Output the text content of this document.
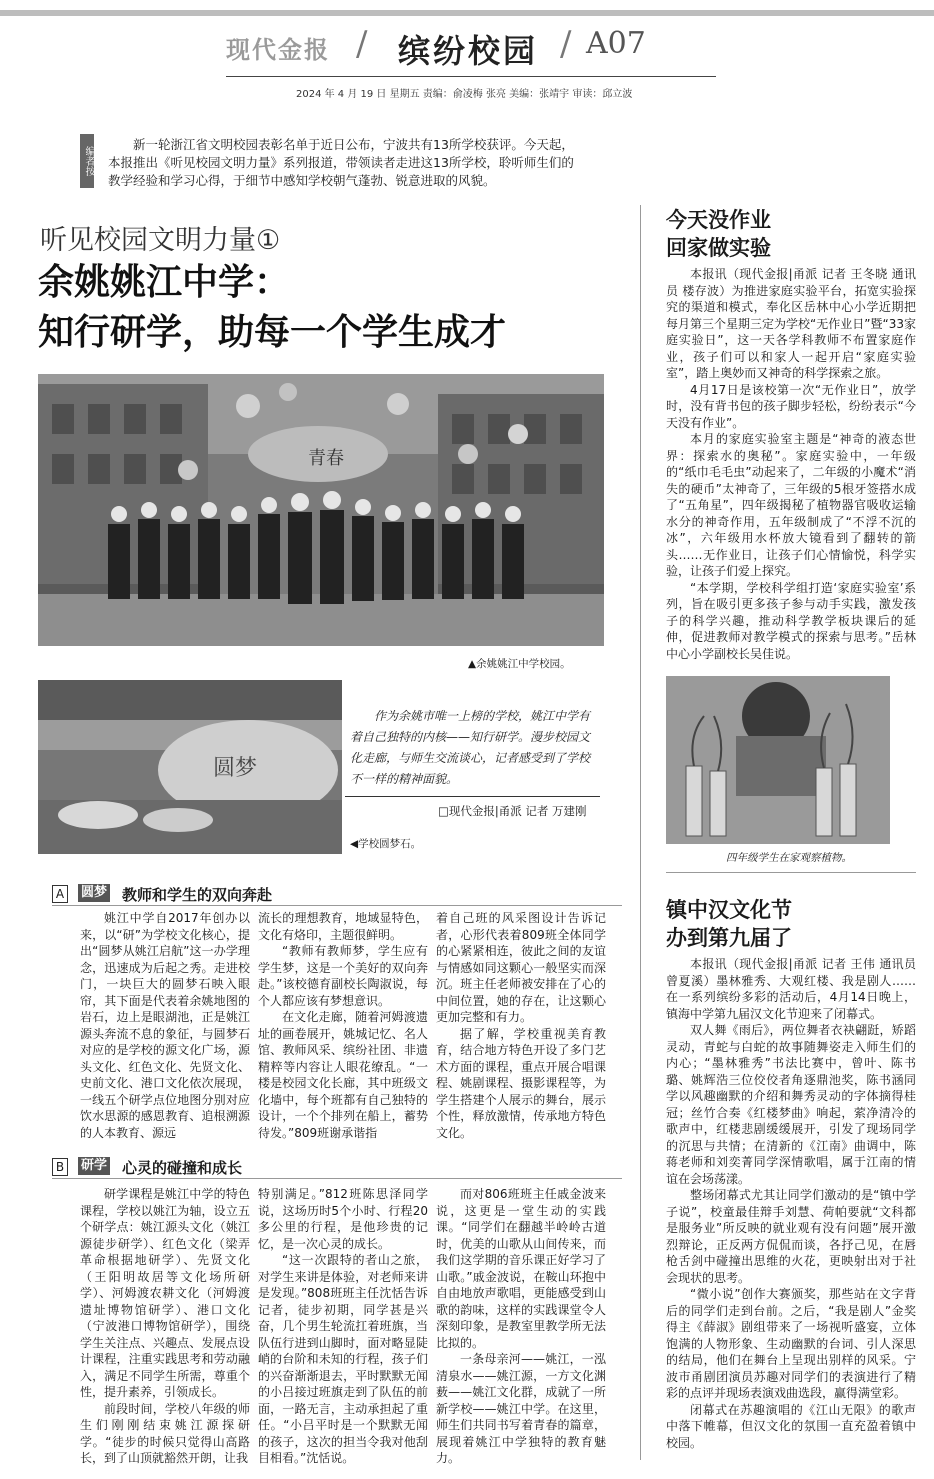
现代金报 / 缤纷校园 / A07
2024 年 4 月 19 日 星期五 责编：俞凌梅 张亮 美编：张靖宇 审读：邱立波
编者按
新一轮浙江省文明校园表彰名单于近日公布，宁波共有13所学校获评。今天起，本报推出《听见校园文明力量》系列报道，带领读者走进这13所学校，聆听师生们的教学经验和学习心得，于细节中感知学校朝气蓬勃、锐意进取的风貌。
听见校园文明力量①
余姚姚江中学：
知行研学，助每一个学生成才
青春
▲余姚姚江中学校园。
圆梦
作为余姚市唯一上榜的学校，姚江中学有着自己独特的内核——知行研学。漫步校园文化走廊，与师生交流谈心，记者感受到了学校不一样的精神面貌。
□现代金报|甬派 记者 万建刚
◀学校圆梦石。
A 圆梦 教师和学生的双向奔赴

姚江中学自2017年创办以来，以“研”为学校文化核心，提出“圆梦从姚江启航”这一办学理念，迅速成为后起之秀。走进校门，一块巨大的圆梦石映入眼帘，其下面是代表着余姚地图的岩石，边上是眼湖池，正是姚江源头奔流不息的象征，与圆梦石对应的是学校的源文化广场，源头文化、红色文化、先贤文化、史前文化、港口文化依次展现，一线五个研学点位地图分别对应饮水思源的感恩教育、追根溯源的人本教育、源远

流长的理想教育，地域显特色，文化有烙印，主题很鲜明。

“教师有教师梦，学生应有学生梦，这是一个美好的双向奔赴。”该校德育副校长陶淑说，每个人都应该有梦想意识。

在文化走廊，随着河姆渡遗址的画卷展开，姚城记忆、名人馆、教师风采、缤纷社团、非遗精粹等内容让人眼花缭乱。“一楼是校园文化长廊，其中班级文化墙中，每个班都有自己独特的设计，一个个排列在船上，蓄势待发。”809班谢承谐指

着自己班的风采图设计告诉记者，心形代表着809班全体同学的心紧紧相连，彼此之间的友谊与情感如同这颗心一般坚实而深沉。班主任老师被安排在了心的中间位置，她的存在，让这颗心更加完整和有力。

据了解，学校重视美育教育，结合地方特色开设了多门艺术方面的课程，重点开展合唱课程、姚剧课程、摄影课程等，为学生搭建个人展示的舞台，展示个性，释放激情，传承地方特色文化。

B 研学 心灵的碰撞和成长

研学课程是姚江中学的特色课程，学校以姚江为轴，设立五个研学点：姚江源头文化（姚江源徒步研学）、红色文化（梁弄革命根据地研学）、先贤文化（王阳明故居等文化场所研学）、河姆渡农耕文化（河姆渡遗址博物馆研学）、港口文化（宁波港口博物馆研学），围绕学生关注点、兴趣点、发展点设计课程，注重实践思考和劳动融入，满足不同学生所需，尊重个性，提升素养，引领成长。

前段时间，学校八年级的师生们刚刚结束姚江源探研学。“徒步的时候只觉得山高路长，到了山顶就豁然开朗，让我

特别满足。”812班陈思泽同学说，这场历时5个小时、行程20多公里的行程，是他珍贵的记忆，是一次心灵的成长。

“这一次跟特的者山之旅，对学生来讲是体验，对老师来讲是发现。”808班班主任沈恬告诉记者，徒步初期，同学甚是兴奋，几个男生轮流扛着班旗，当队伍行进到山脚时，面对略显陡峭的台阶和未知的行程，孩子们的兴奋渐渐退去，平时默默无闻的小吕接过班旗走到了队伍的前面，一路无言，主动承担起了重任。“小吕平时是一个默默无闻的孩子，这次的担当令我对他刮目相看。”沈恬说。

而对806班班主任戚金波来说，这更是一堂生动的实践课。“同学们在翻越半岭岭古道时，优美的山歌从山间传来，而我们这学期的音乐课正好学习了山歌。”戚金波说，在鞍山环抱中自由地放声歌唱，更能感受到山歌的韵味，这样的实践课堂令人深刻印象，是教室里教学所无法比拟的。

一条母亲河——姚江，一泓清泉水——姚江源，一方文化渊薮——姚江文化群，成就了一所新学校——姚江中学。在这里，师生们共同书写着青春的篇章，展现着姚江中学独特的教育魅力。

今天没作业
回家做实验

本报讯（现代金报|甬派 记者 王冬晓 通讯员 楼存波）为推进家庭实验平台，拓宽实验探究的渠道和模式，奉化区岳林中心小学近期把每月第三个星期三定为学校“无作业日”暨“33家庭实验日”，这一天各学科教师不布置家庭作业，孩子们可以和家人一起开启“家庭实验室”，踏上奥妙而又神奇的科学探索之旅。

4月17日是该校第一次“无作业日”，放学时，没有背书包的孩子脚步轻松，纷纷表示“今天没有作业”。

本月的家庭实验室主题是“神奇的液态世界：探索水的奥秘”。家庭实验中，一年级的“纸巾毛毛虫”动起来了，二年级的小魔术“消失的硬币”太神奇了，三年级的5根牙签搭水成了“五角星”，四年级揭秘了植物器官吸收运输水分的神奇作用，五年级制成了“不浮不沉的冰”，六年级用水杯放大镜看到了翻转的箭头……无作业日，让孩子们心情愉悦，科学实验，让孩子们爱上探究。

“本学期，学校科学组打造‘家庭实验室’系列，旨在吸引更多孩子参与动手实践，激发孩子的科学兴趣，推动科学教学板块课后的延伸，促进教师对教学模式的探索与思考。”岳林中心小学副校长吴佳说。

四年级学生在家观察植物。
镇中汉文化节
办到第九届了

本报讯（现代金报|甬派 记者 王伟 通讯员 曾夏溪）墨林雅秀、大观红楼、我是剧人……在一系列缤纷多彩的活动后，4月14日晚上，镇海中学第九届汉文化节迎来了闭幕式。

双人舞《雨后》，两位舞者衣袂翩跹，矫蹈灵动，青蛇与白蛇的故事随舞姿走入师生们的内心；“墨林雅秀”书法比赛中，曾叶、陈书璐、姚辉浩三位佼佼者角逐鼎池奖，陈书涵同学以风趣幽默的介绍和舞秀灵动的字体摘得桂冠；丝竹合奏《红楼梦曲》响起，萦净清冷的歌声中，红楼悲剧缓缓展开，引发了现场同学的沉思与共情；在清新的《江南》曲调中，陈蒋老师和刘奕菁同学深情歌唱，属于江南的情谊在会场荡漾。

整场闭幕式尤其让同学们激动的是“镇中学子说”，校童最佳辩手刘慧、荷帕要就“文科都是服务业”所反映的就业观有没有问题”展开激烈辩论，正反两方侃侃而谈，各抒己见，在唇枪舌剑中碰撞出思维的火花，更映射出对于社会现状的思考。

“微小说”创作大赛颁奖，那些站在文字背后的同学们走到台前。之后，“我是剧人”金奖得主《薛淑》剧组带来了一场视听盛宴，立体饱满的人物形象、生动幽默的台词、引人深思的结局，他们在舞台上呈现出别样的风采。宁波市甬剧团演员苏趣对同学们的表演进行了精彩的点评并现场表演戏曲选段，赢得满堂彩。

闭幕式在苏趣演唱的《江山无限》的歌声中落下帷幕，但汉文化的氛围一直充盈着镇中校园。
